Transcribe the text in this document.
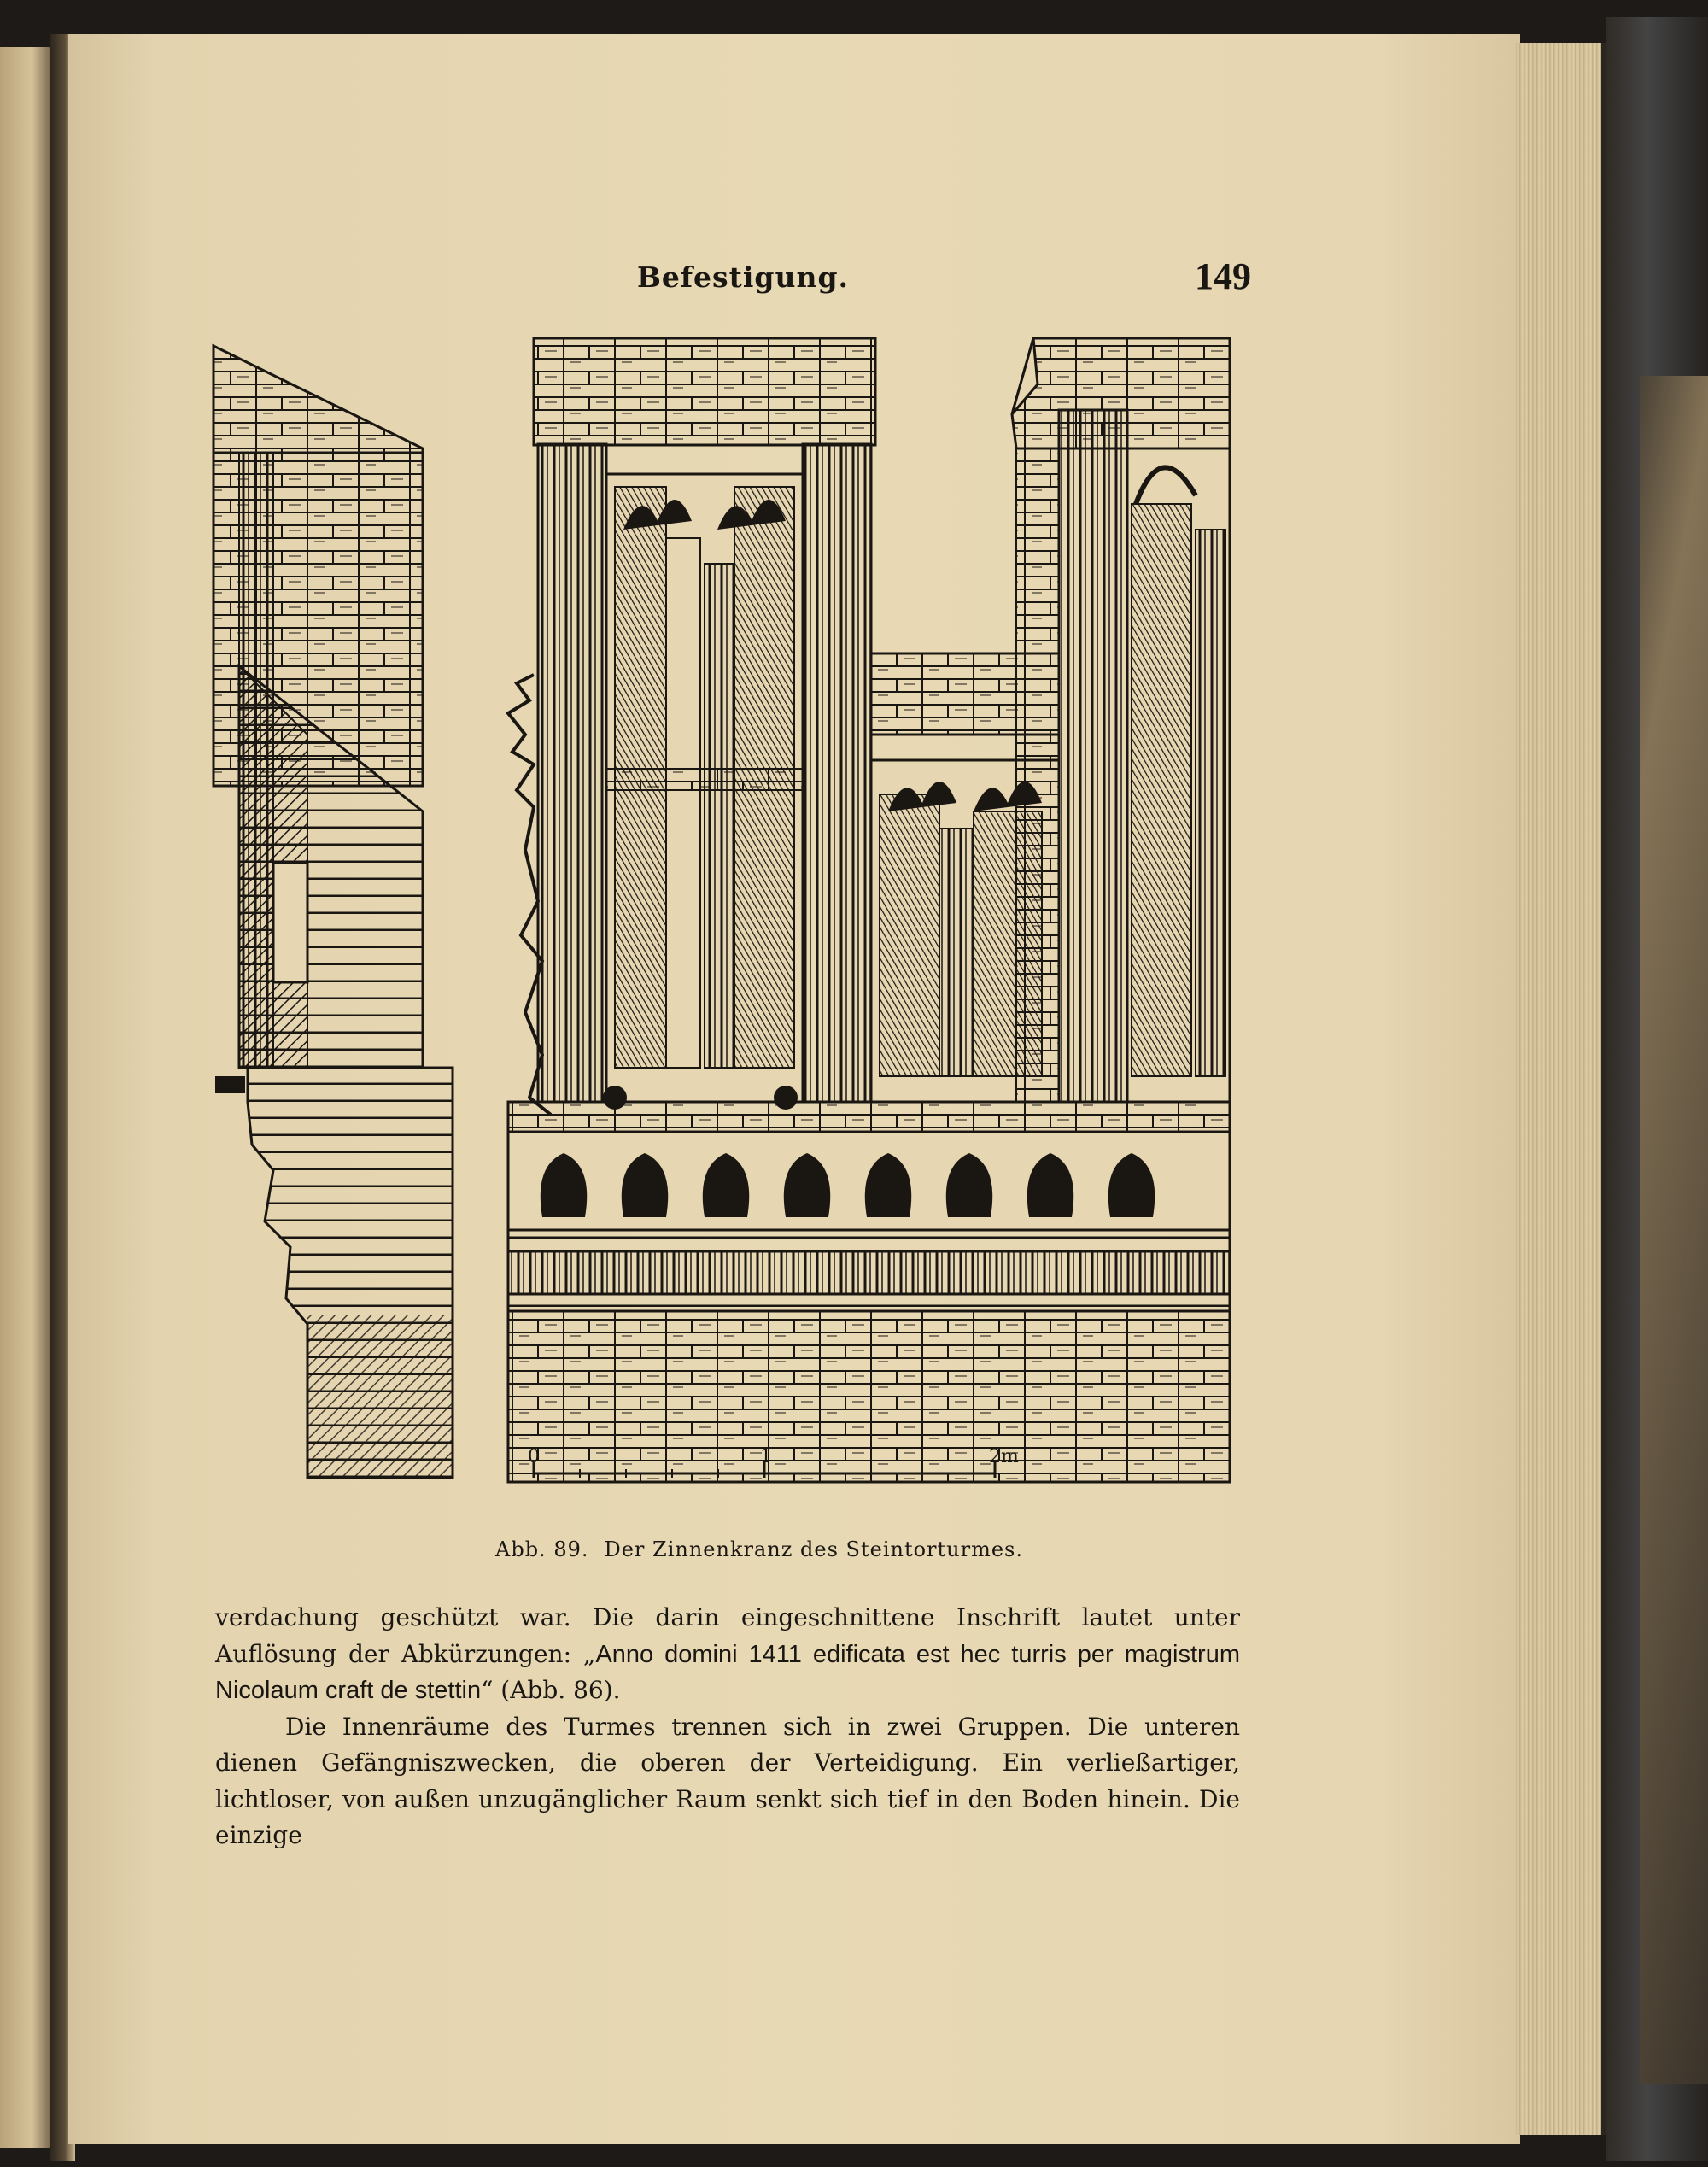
Befestigung.	149
0	1	2m
Abb. 89. Der Zinnenkranz des Steintorturmes.

verdachung geschützt war. Die darin eingeschnittene Inschrift lautet unter Auflösung der Abkürzungen: „Anno domini 1411 edificata est hec turris per magistrum Nicolaum craft de stettin“ (Abb. 86).

Die Innenräume des Turmes trennen sich in zwei Gruppen. Die unteren dienen Gefängniszwecken, die oberen der Verteidigung. Ein verließartiger, lichtloser, von außen unzugänglicher Raum senkt sich tief in den Boden hinein. Die einzige
